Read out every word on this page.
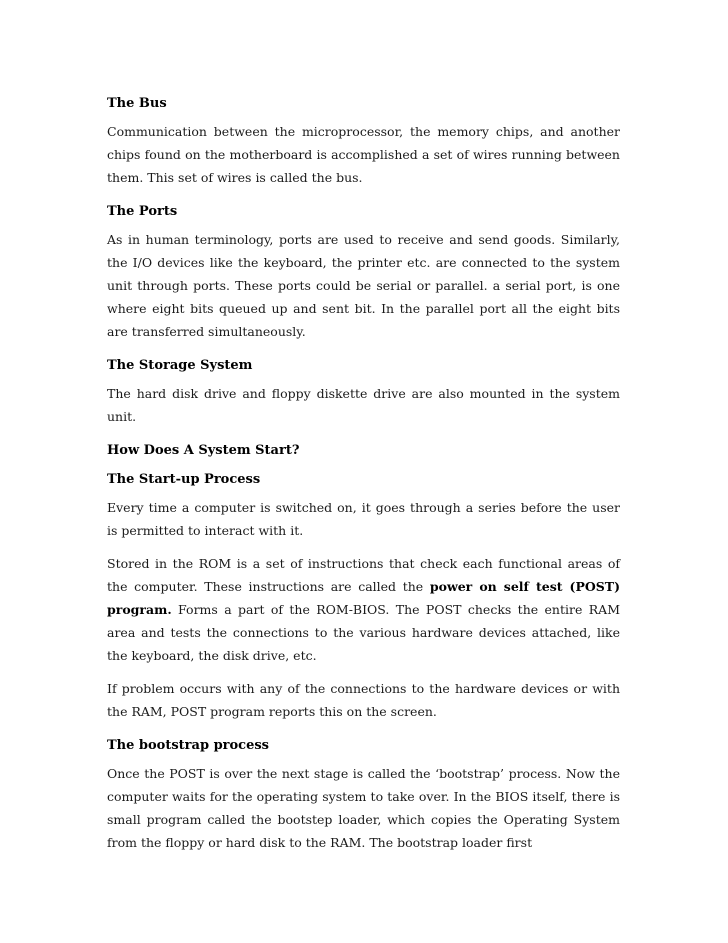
The Bus

Communication between the microprocessor, the memory chips, and another chips found on the motherboard is accomplished a set of wires running between them. This set of wires is called the bus.

The Ports

As in human terminology, ports are used to receive and send goods. Similarly, the I/O devices like the keyboard, the printer etc. are connected to the system unit through ports. These ports could be serial or parallel. a serial port, is one where eight bits queued up and sent bit. In the parallel port all the eight bits are transferred simultaneously.

The Storage System

The hard disk drive and floppy diskette drive are also mounted in the system unit.

How Does A System Start?
The Start-up Process

Every time a computer is switched on, it goes through a series before the user is permitted to interact with it.

Stored in the ROM is a set of instructions that check each functional areas of the computer. These instructions are called the power on self test (POST) program. Forms a part of the ROM-BIOS. The POST checks the entire RAM area and tests the connections to the various hardware devices attached, like the keyboard, the disk drive, etc.

If problem occurs with any of the connections to the hardware devices or with the RAM, POST program reports this on the screen.

The bootstrap process

Once the POST is over the next stage is called the ‘bootstrap’ process. Now the computer waits for the operating system to take over. In the BIOS itself, there is small program called the bootstep loader, which copies the Operating System from the floppy or hard disk to the RAM. The bootstrap loader first
